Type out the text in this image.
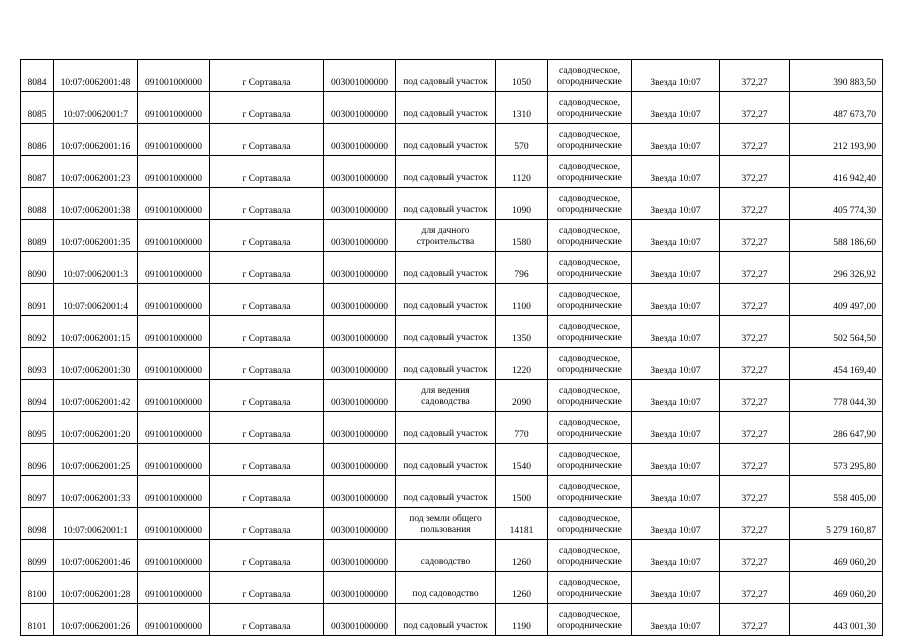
8084	10:07:0062001:48	091001000000	г Сортавала	003001000000	под садовый участок	1050	садоводческое, огороднические	Звезда 10:07	372,27	390 883,50
8085	10:07:0062001:7	091001000000	г Сортавала	003001000000	под садовый участок	1310	садоводческое, огороднические	Звезда 10:07	372,27	487 673,70
8086	10:07:0062001:16	091001000000	г Сортавала	003001000000	под садовый участок	570	садоводческое, огороднические	Звезда 10:07	372,27	212 193,90
8087	10:07:0062001:23	091001000000	г Сортавала	003001000000	под садовый участок	1120	садоводческое, огороднические	Звезда 10:07	372,27	416 942,40
8088	10:07:0062001:38	091001000000	г Сортавала	003001000000	под садовый участок	1090	садоводческое, огороднические	Звезда 10:07	372,27	405 774,30
8089	10:07:0062001:35	091001000000	г Сортавала	003001000000	для дачного строительства	1580	садоводческое, огороднические	Звезда 10:07	372,27	588 186,60
8090	10:07:0062001:3	091001000000	г Сортавала	003001000000	под садовый участок	796	садоводческое, огороднические	Звезда 10:07	372,27	296 326,92
8091	10:07:0062001:4	091001000000	г Сортавала	003001000000	под садовый участок	1100	садоводческое, огороднические	Звезда 10:07	372,27	409 497,00
8092	10:07:0062001:15	091001000000	г Сортавала	003001000000	под садовый участок	1350	садоводческое, огороднические	Звезда 10:07	372,27	502 564,50
8093	10:07:0062001:30	091001000000	г Сортавала	003001000000	под садовый участок	1220	садоводческое, огороднические	Звезда 10:07	372,27	454 169,40
8094	10:07:0062001:42	091001000000	г Сортавала	003001000000	для ведения садоводства	2090	садоводческое, огороднические	Звезда 10:07	372,27	778 044,30
8095	10:07:0062001:20	091001000000	г Сортавала	003001000000	под садовый участок	770	садоводческое, огороднические	Звезда 10:07	372,27	286 647,90
8096	10:07:0062001:25	091001000000	г Сортавала	003001000000	под садовый участок	1540	садоводческое, огороднические	Звезда 10:07	372,27	573 295,80
8097	10:07:0062001:33	091001000000	г Сортавала	003001000000	под садовый участок	1500	садоводческое, огороднические	Звезда 10:07	372,27	558 405,00
8098	10:07:0062001:1	091001000000	г Сортавала	003001000000	под земли общего пользования	14181	садоводческое, огороднические	Звезда 10:07	372,27	5 279 160,87
8099	10:07:0062001:46	091001000000	г Сортавала	003001000000	садоводство	1260	садоводческое, огороднические	Звезда 10:07	372,27	469 060,20
8100	10:07:0062001:28	091001000000	г Сортавала	003001000000	под садоводство	1260	садоводческое, огороднические	Звезда 10:07	372,27	469 060,20
8101	10:07:0062001:26	091001000000	г Сортавала	003001000000	под садовый участок	1190	садоводческое, огороднические	Звезда 10:07	372,27	443 001,30
